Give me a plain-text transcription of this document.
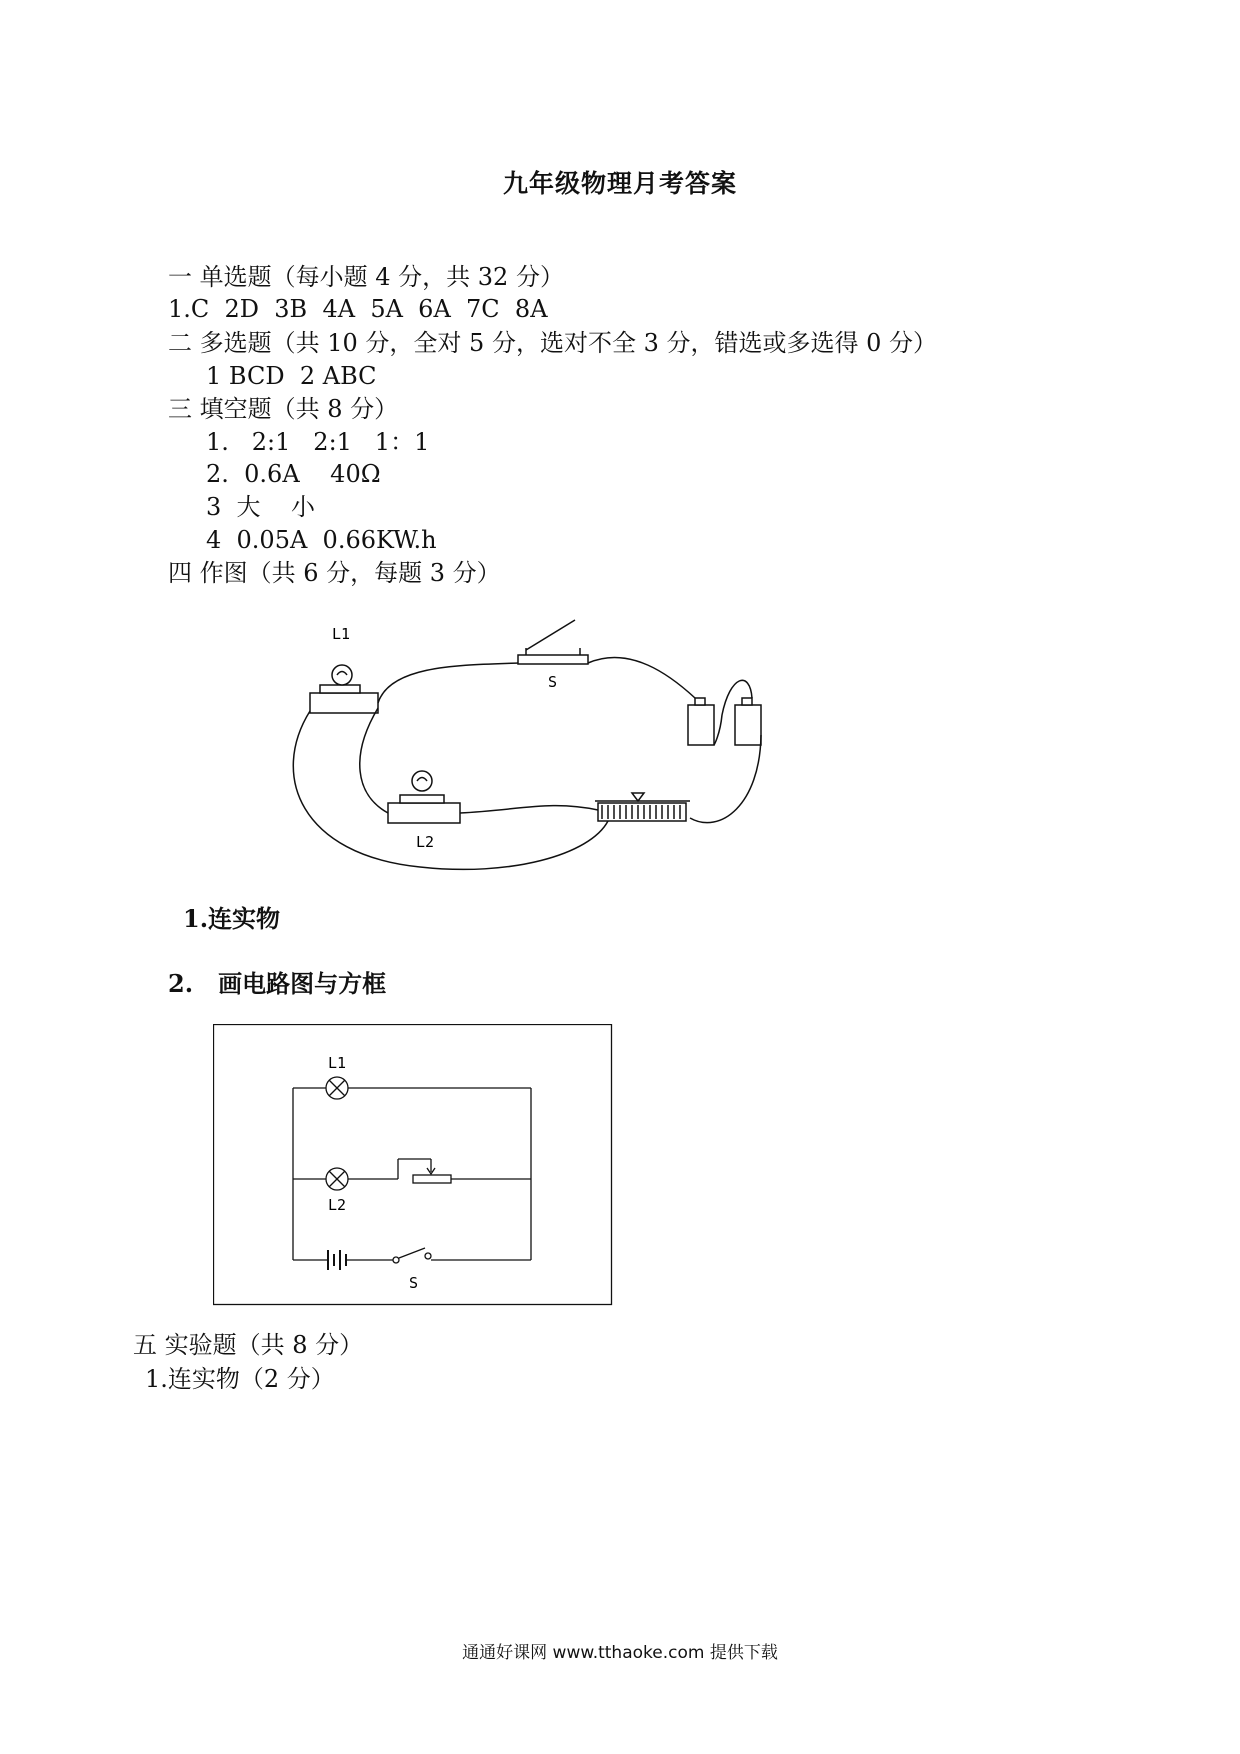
九年级物理月考答案
一 单选题（每小题 4 分，共 32 分）
1.C  2D  3B  4A  5A  6A  7C  8A
二 多选题（共 10 分，全对 5 分，选对不全 3 分，错选或多选得 0 分）
1 BCD  2 ABC
三 填空题（共 8 分）
1.   2:1   2:1   1：1
2.  0.6A    40Ω
3  大    小
4  0.05A  0.66KW.h
四 作图（共 6 分，每题 3 分）
L1
S
L2
1.连实物
2.   画电路图与方框
L1
L2
S
五 实验题（共 8 分）
1.连实物（2 分）
通通好课网 www.tthaoke.com 提供下载
